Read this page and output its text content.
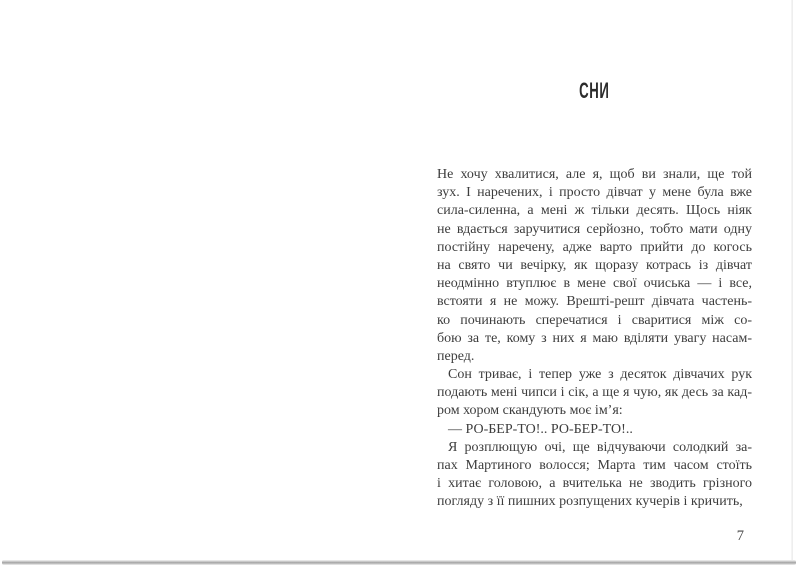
СНИ
Не хочу хвалитися, але я, щоб ви знали, ще той
зух. І наречених, і просто дівчат у мене була вже
сила-силенна, а мені ж тільки десять. Щось ніяк
не вдається заручитися серйозно, тобто мати одну
постійну наречену, адже варто прийти до когось
на свято чи вечірку, як щоразу котрась із дівчат
неодмінно втуплює в мене свої очиська — і все,
встояти я не можу. Врешті-решт дівчата частень-
ко починають сперечатися і сваритися між со-
бою за те, кому з них я маю вділяти увагу насам-
перед.
Сон триває, і тепер уже з десяток дівчачих рук
подають мені чипси і сік, а ще я чую, як десь за кад-
ром хором скандують моє ім’я:
— РО-БЕР-ТО!.. РО-БЕР-ТО!..
Я розплющую очі, ще відчуваючи солодкий за-
пах Мартиного волосся; Марта тим часом стоїть
і хитає головою, а вчителька не зводить грізного
погляду з її пишних розпущених кучерів і кричить,
7
